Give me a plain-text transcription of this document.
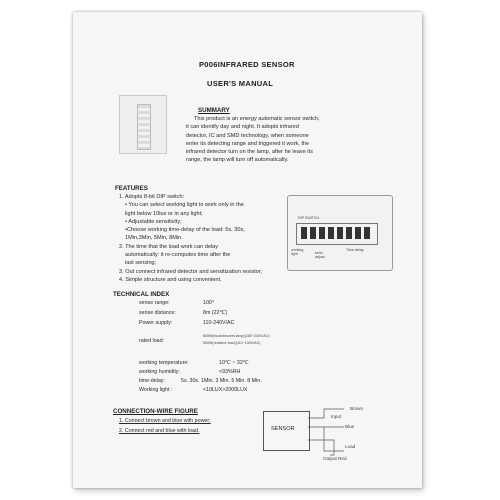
P006INFRARED SENSOR
USER'S MANUAL
SUMMARY
This product is an energy automatic sensor switch,
it can identify day and night. It adopts infrared
detector, IC and SMD technology, when someone
enter its detecting range and triggered it work, the
infrared detector turn on the lamp, after he leave its
range, the lamp will turn off automatically.
FEATURES
1. Adopts 8-bit DIP switch:
• You can select working light to work only in the
light below 10lux or in any light;
• Adjustable sensitivity;
•Choose working time-delay of the load: 5s, 30s,
1Min,3Min, 5Min, 8Min.
2. The time that the load work can delay
automatically: it re-computes time after the
last sensing;
3. Out connect infrared detector and sensitization resistor;
4. Simple structure and using convenient.
DIP SWITCH
working light	sens adjust
Time-delay
TECHNICAL INDEX
sense range:	100°
sense distance:	8m (22℃)
Power supply:	110-240V/AC
rated load:
800W(incandescent lamp)(180~240V/AC)
500W(resistive load)(110~130V/AC)
working temperature:	10℃ ~ 32℃
working humidity:	<93%RH
time-delay:	5s. 30s. 1Min. 3 Min. 5 Min. 8 Min.
Working light :	<10LUX>2000LUX
CONNECTION-WIRE FIGURE
1. Connect brown and blue with power;
2. Connect red and blue with load.	SENSOR
Brown
Input
Blue
Load
Output Red
